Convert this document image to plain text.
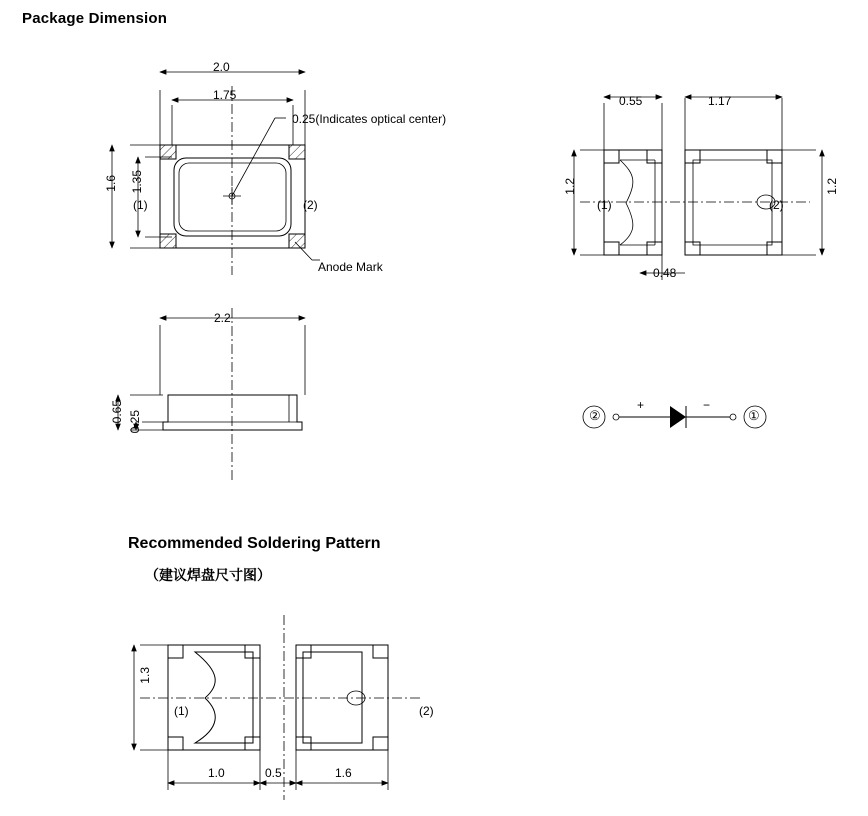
Package Dimension
2.0
1.75
1.6 1.35
0.25(Indicates optical center)
(1)	(2)
Anode Mark
2.2
0.65 0.25
0.55	1.17
1.2	1.2
(1)	(2)
0.48
②	①
+	−
Recommended Soldering Pattern
（建议焊盘尺寸图）
1.3
(1)	(2)
1.0	0.5	1.6
